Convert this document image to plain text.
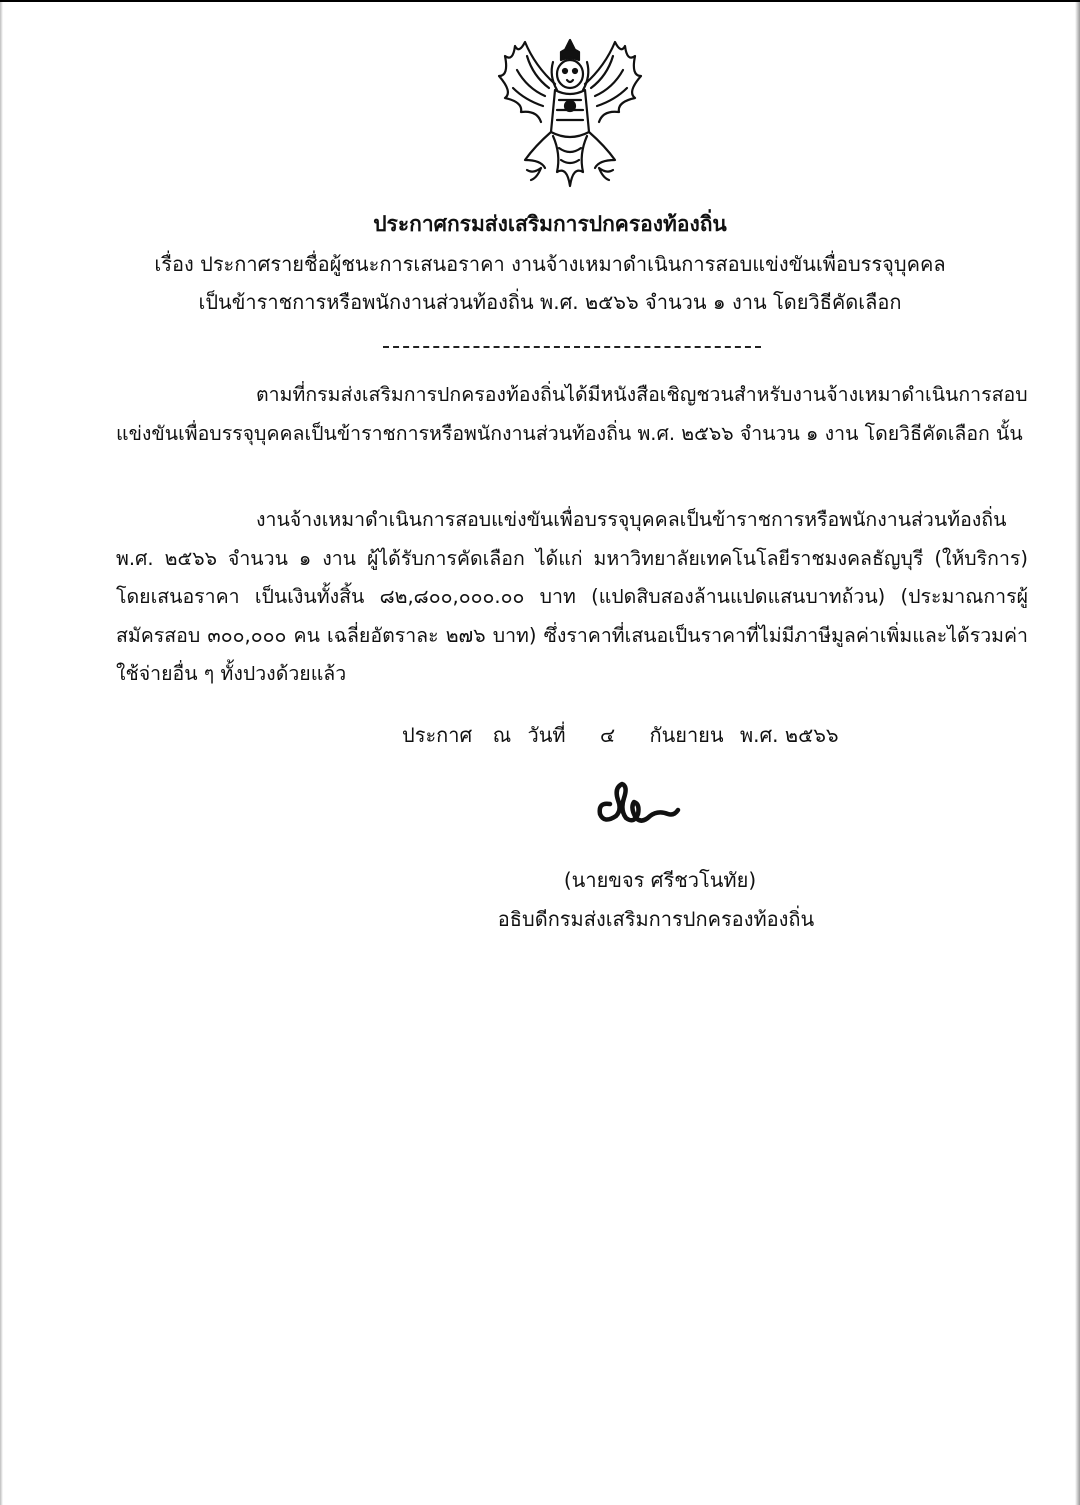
ประกาศกรมส่งเสริมการปกครองท้องถิ่น
เรื่อง ประกาศรายชื่อผู้ชนะการเสนอราคา งานจ้างเหมาดำเนินการสอบแข่งขันเพื่อบรรจุบุคคล
เป็นข้าราชการหรือพนักงานส่วนท้องถิ่น พ.ศ. ๒๕๖๖ จำนวน ๑ งาน โดยวิธีคัดเลือก

ตามที่กรมส่งเสริมการปกครองท้องถิ่นได้มีหนังสือเชิญชวนสำหรับงานจ้างเหมาดำเนินการสอบแข่งขันเพื่อบรรจุบุคคลเป็นข้าราชการหรือพนักงานส่วนท้องถิ่น พ.ศ. ๒๕๖๖ จำนวน ๑ งาน โดยวิธีคัดเลือก นั้น

งานจ้างเหมาดำเนินการสอบแข่งขันเพื่อบรรจุบุคคลเป็นข้าราชการหรือพนักงานส่วนท้องถิ่น พ.ศ. ๒๕๖๖ จำนวน ๑ งาน ผู้ได้รับการคัดเลือก ได้แก่ มหาวิทยาลัยเทคโนโลยีราชมงคลธัญบุรี (ให้บริการ) โดยเสนอราคา เป็นเงินทั้งสิ้น ๘๒,๘๐๐,๐๐๐.๐๐ บาท (แปดสิบสองล้านแปดแสนบาทถ้วน) (ประมาณการผู้สมัครสอบ ๓๐๐,๐๐๐ คน เฉลี่ยอัตราละ ๒๗๖ บาท) ซึ่งราคาที่เสนอเป็นราคาที่ไม่มีภาษีมูลค่าเพิ่มและได้รวมค่าใช้จ่ายอื่น ๆ ทั้งปวงด้วยแล้ว

ประกาศ ณ วันที่ ๔ กันยายน พ.ศ. ๒๕๖๖
(นายขจร ศรีชวโนทัย)
อธิบดีกรมส่งเสริมการปกครองท้องถิ่น
